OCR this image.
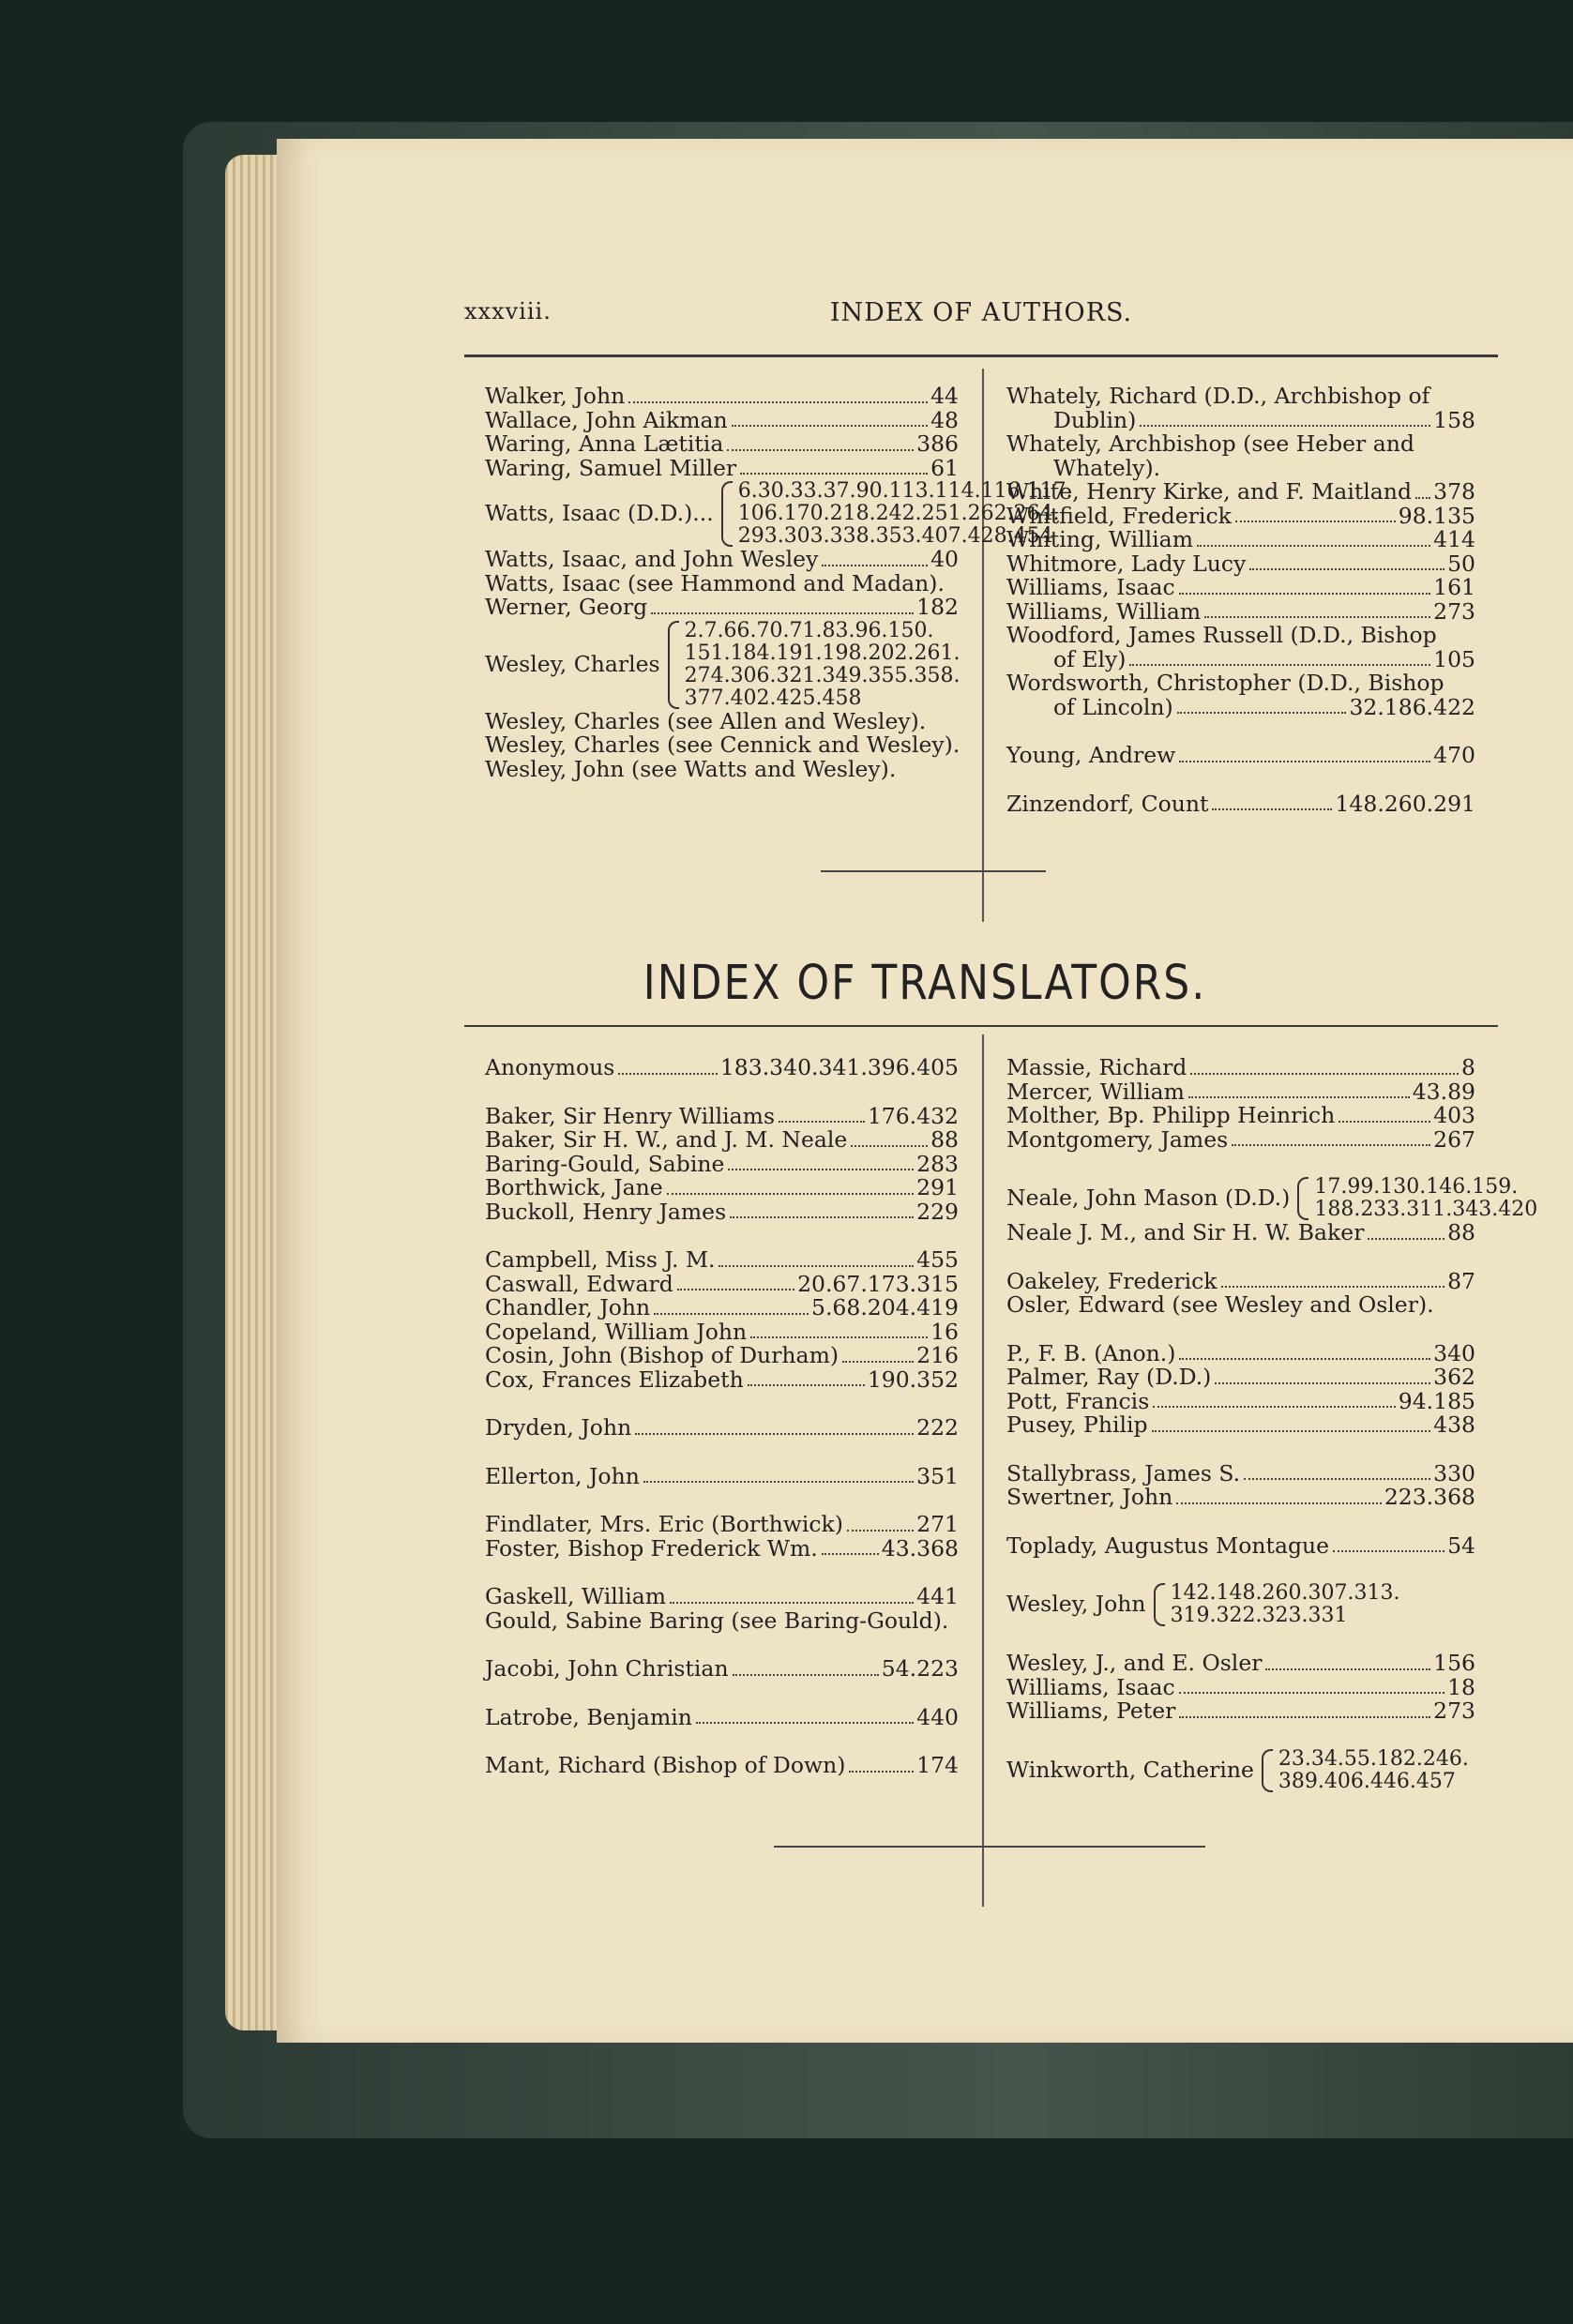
xxxviii.	INDEX OF AUTHORS.
Walker, John	44
Wallace, John Aikman	48
Waring, Anna Lætitia	386
Waring, Samuel Miller	61
Watts, Isaac (D.D.)...
6.30.33.37.90.113.114.116.117.
106.170.218.242.251.262.264.
293.303.338.353.407.428.454
Watts, Isaac, and John Wesley	40
Watts, Isaac (see Hammond and Madan).
Werner, Georg	182
Wesley, Charles
2.7.66.70.71.83.96.150.
151.184.191.198.202.261.
274.306.321.349.355.358.
377.402.425.458
Wesley, Charles (see Allen and Wesley).
Wesley, Charles (see Cennick and Wesley).
Wesley, John (see Watts and Wesley).
Whately, Richard (D.D., Archbishop of
Dublin)	158
Whately, Archbishop (see Heber and
Whately).
White, Henry Kirke, and F. Maitland 378
Whitfield, Frederick	98.135
Whiting, William	414
Whitmore, Lady Lucy	50
Williams, Isaac	161
Williams, William	273
Woodford, James Russell (D.D., Bishop
of Ely)	105
Wordsworth, Christopher (D.D., Bishop
of Lincoln)	32.186.422
Young, Andrew	470
Zinzendorf, Count	148.260.291
INDEX OF TRANSLATORS.
Anonymous	183.340.341.396.405
Baker, Sir Henry Williams	176.432
Baker, Sir H. W., and J. M. Neale	88
Baring-Gould, Sabine	283
Borthwick, Jane	291
Buckoll, Henry James	229
Campbell, Miss J. M.	455
Caswall, Edward	20.67.173.315
Chandler, John	5.68.204.419
Copeland, William John	16
Cosin, John (Bishop of Durham)	216
Cox, Frances Elizabeth	190.352
Dryden, John	222
Ellerton, John	351
Findlater, Mrs. Eric (Borthwick)	271
Foster, Bishop Frederick Wm.	43.368
Gaskell, William	441
Gould, Sabine Baring (see Baring-Gould).
Jacobi, John Christian	54.223
Latrobe, Benjamin	440
Mant, Richard (Bishop of Down)	174
Massie, Richard	8
Mercer, William	43.89
Molther, Bp. Philipp Heinrich	403
Montgomery, James	267
Neale, John Mason (D.D.)	17.99.130.146.159.
188.233.311.343.420
Neale J. M., and Sir H. W. Baker	88
Oakeley, Frederick	87
Osler, Edward (see Wesley and Osler).
P., F. B. (Anon.)	340
Palmer, Ray (D.D.)	362
Pott, Francis	94.185
Pusey, Philip	438
Stallybrass, James S.	330
Swertner, John	223.368
Toplady, Augustus Montague	54
Wesley, John	142.148.260.307.313.
319.322.323.331
Wesley, J., and E. Osler	156
Williams, Isaac	18
Williams, Peter	273
Winkworth, Catherine	23.34.55.182.246.
389.406.446.457
